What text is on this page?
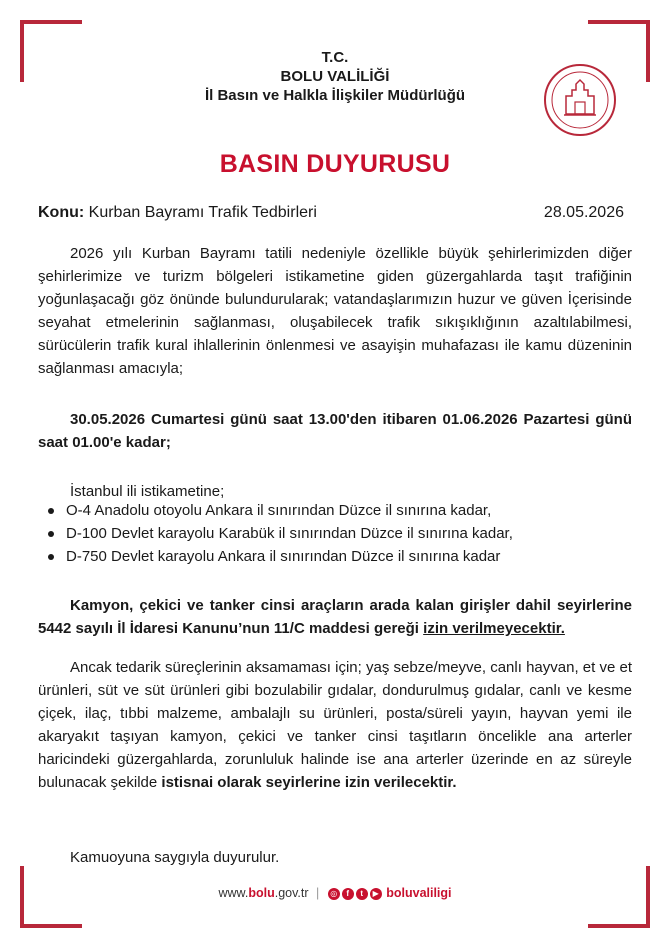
T.C.
BOLU VALİLİĞİ
İl Basın ve Halkla İlişkiler Müdürlüğü
BASIN DUYURUSU
Konu: Kurban Bayramı Trafik Tedbirleri	28.05.2026
2026 yılı Kurban Bayramı tatili nedeniyle özellikle büyük şehirlerimizden diğer şehirlerimize ve turizm bölgeleri istikametine giden güzergahlarda taşıt trafiğinin yoğunlaşacağı göz önünde bulundurularak; vatandaşlarımızın huzur ve güven İçerisinde seyahat etmelerinin sağlanması, oluşabilecek trafik sıkışıklığının azaltılabilmesi, sürücülerin trafik kural ihlallerinin önlenmesi ve asayişin muhafazası ile kamu düzeninin sağlanması amacıyla;
30.05.2026 Cumartesi günü saat 13.00'den itibaren 01.06.2026 Pazartesi günü saat 01.00'e kadar;
İstanbul ili istikametine;
O-4 Anadolu otoyolu Ankara il sınırından Düzce il sınırına kadar,
D-100 Devlet karayolu Karabük il sınırından Düzce il sınırına kadar,
D-750 Devlet karayolu Ankara il sınırından Düzce il sınırına kadar
Kamyon, çekici ve tanker cinsi araçların arada kalan girişler dahil seyirlerine 5442 sayılı İl İdaresi Kanunu’nun 11/C maddesi gereği izin verilmeyecektir.
Ancak tedarik süreçlerinin aksamaması için; yaş sebze/meyve, canlı hayvan, et ve et ürünleri, süt ve süt ürünleri gibi bozulabilir gıdalar, dondurulmuş gıdalar, canlı ve kesme çiçek, ilaç, tıbbi malzeme, ambalajlı su ürünleri, posta/süreli yayın, hayvan yemi ile akaryakıt taşıyan kamyon, çekici ve tanker cinsi taşıtların öncelikle ana arterler haricindeki güzergahlarda, zorunluluk halinde ise ana arterler üzerinde en az süreyle bulunacak şekilde istisnai olarak seyirlerine izin verilecektir.
Kamuoyuna saygıyla duyurulur.
www.bolu.gov.tr | ◎ f t ▶ boluvaliligi
